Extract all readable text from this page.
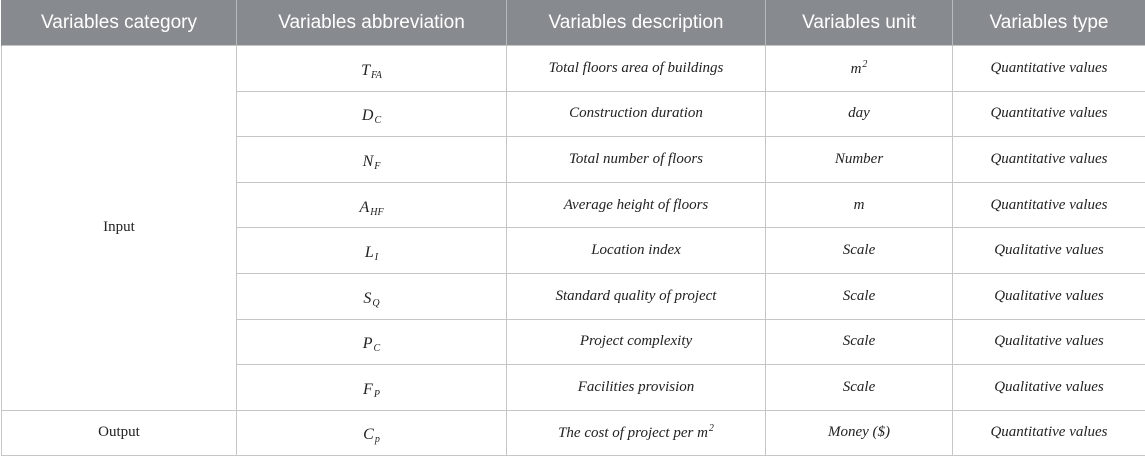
Variables category	Variables abbreviation	Variables description	Variables unit	Variables type
Input	$T_{FA}$	Total floors area of buildings	$m^2$	Quantitative values
	$D_C$	Construction duration	day	Quantitative values
	$N_F$	Total number of floors	Number	Quantitative values
	$A_{HF}$	Average height of floors	m	Quantitative values
	$L_I$	Location index	Scale	Qualitative values
	$S_Q$	Standard quality of project	Scale	Qualitative values
	$P_C$	Project complexity	Scale	Qualitative values
	$F_P$	Facilities provision	Scale	Qualitative values
Output	$C_p$	The cost of project per $m^2$	Money ($)	Quantitative values
